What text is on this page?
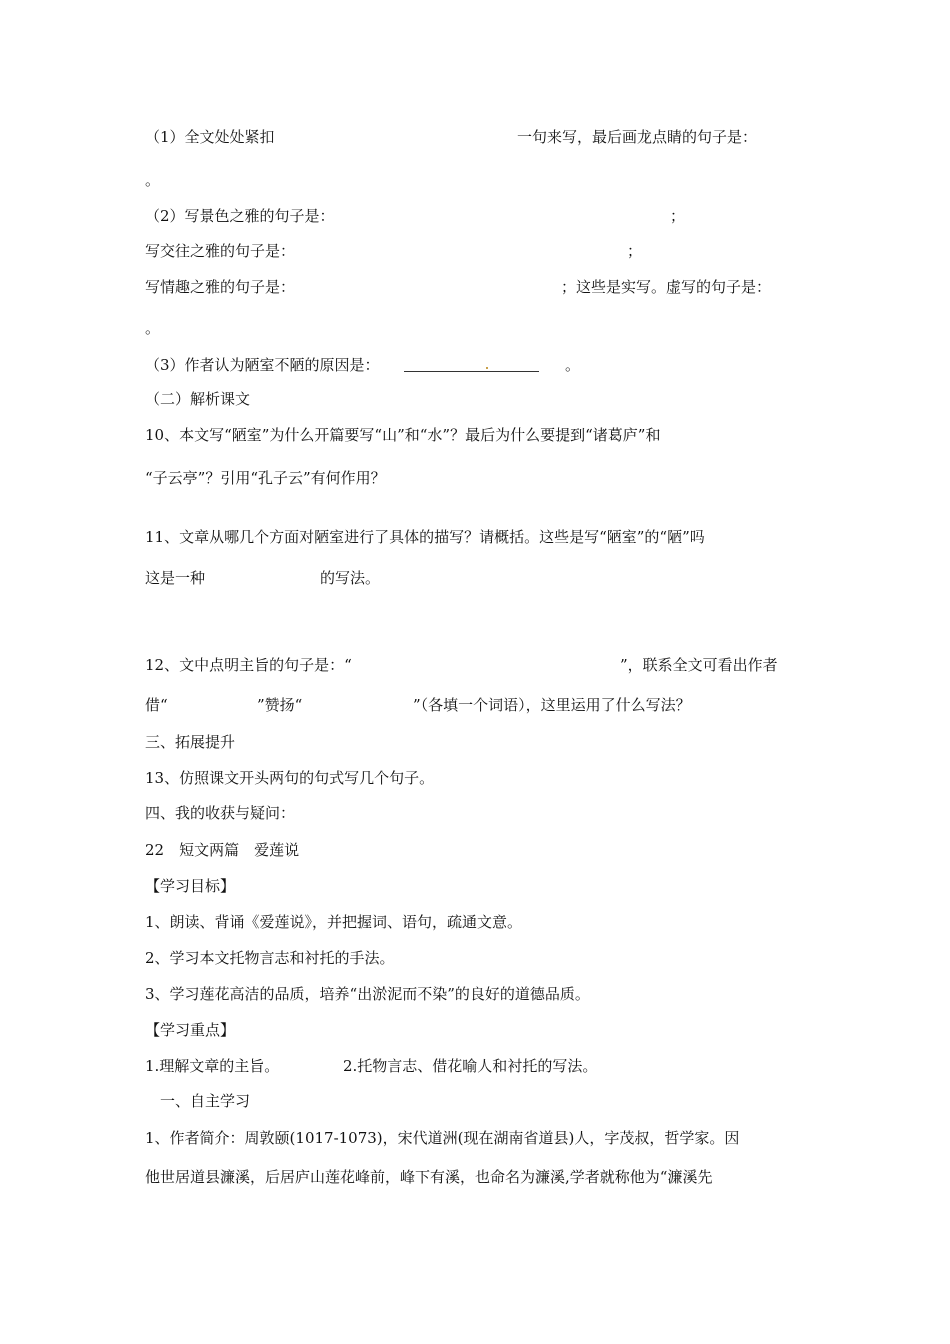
（1）全文处处紧扣	一句来写，最后画龙点睛的句子是：
。
（2）写景色之雅的句子是：	；
写交往之雅的句子是：	；
写情趣之雅的句子是：	；这些是实写。虚写的句子是：
。
（3）作者认为陋室不陋的原因是：	。
（二）解析课文
10、本文写“陋室”为什么开篇要写“山”和“水”？最后为什么要提到“诸葛庐”和
“子云亭”？引用“孔子云”有何作用？
11、文章从哪几个方面对陋室进行了具体的描写？请概括。这些是写“陋室”的“陋”吗
这是一种	的写法。
12、文中点明主旨的句子是：“	”，联系全文可看出作者
借“	”赞扬“	”（各填一个词语），这里运用了什么写法？
三、拓展提升
13、仿照课文开头两句的句式写几个句子。
四、我的收获与疑问：
22　短文两篇　爱莲说
【学习目标】
1、朗读、背诵《爱莲说》，并把握词、语句，疏通文意。
2、学习本文托物言志和衬托的手法。
3、学习莲花高洁的品质，培养“出淤泥而不染”的良好的道德品质。
【学习重点】
1.理解文章的主旨。	2.托物言志、借花喻人和衬托的写法。
一、自主学习
1、作者简介：周敦颐(1017-1073)，宋代道洲(现在湖南省道县)人，字茂叔，哲学家。因
他世居道县濂溪，后居庐山莲花峰前，峰下有溪，也命名为濂溪,学者就称他为“濂溪先
